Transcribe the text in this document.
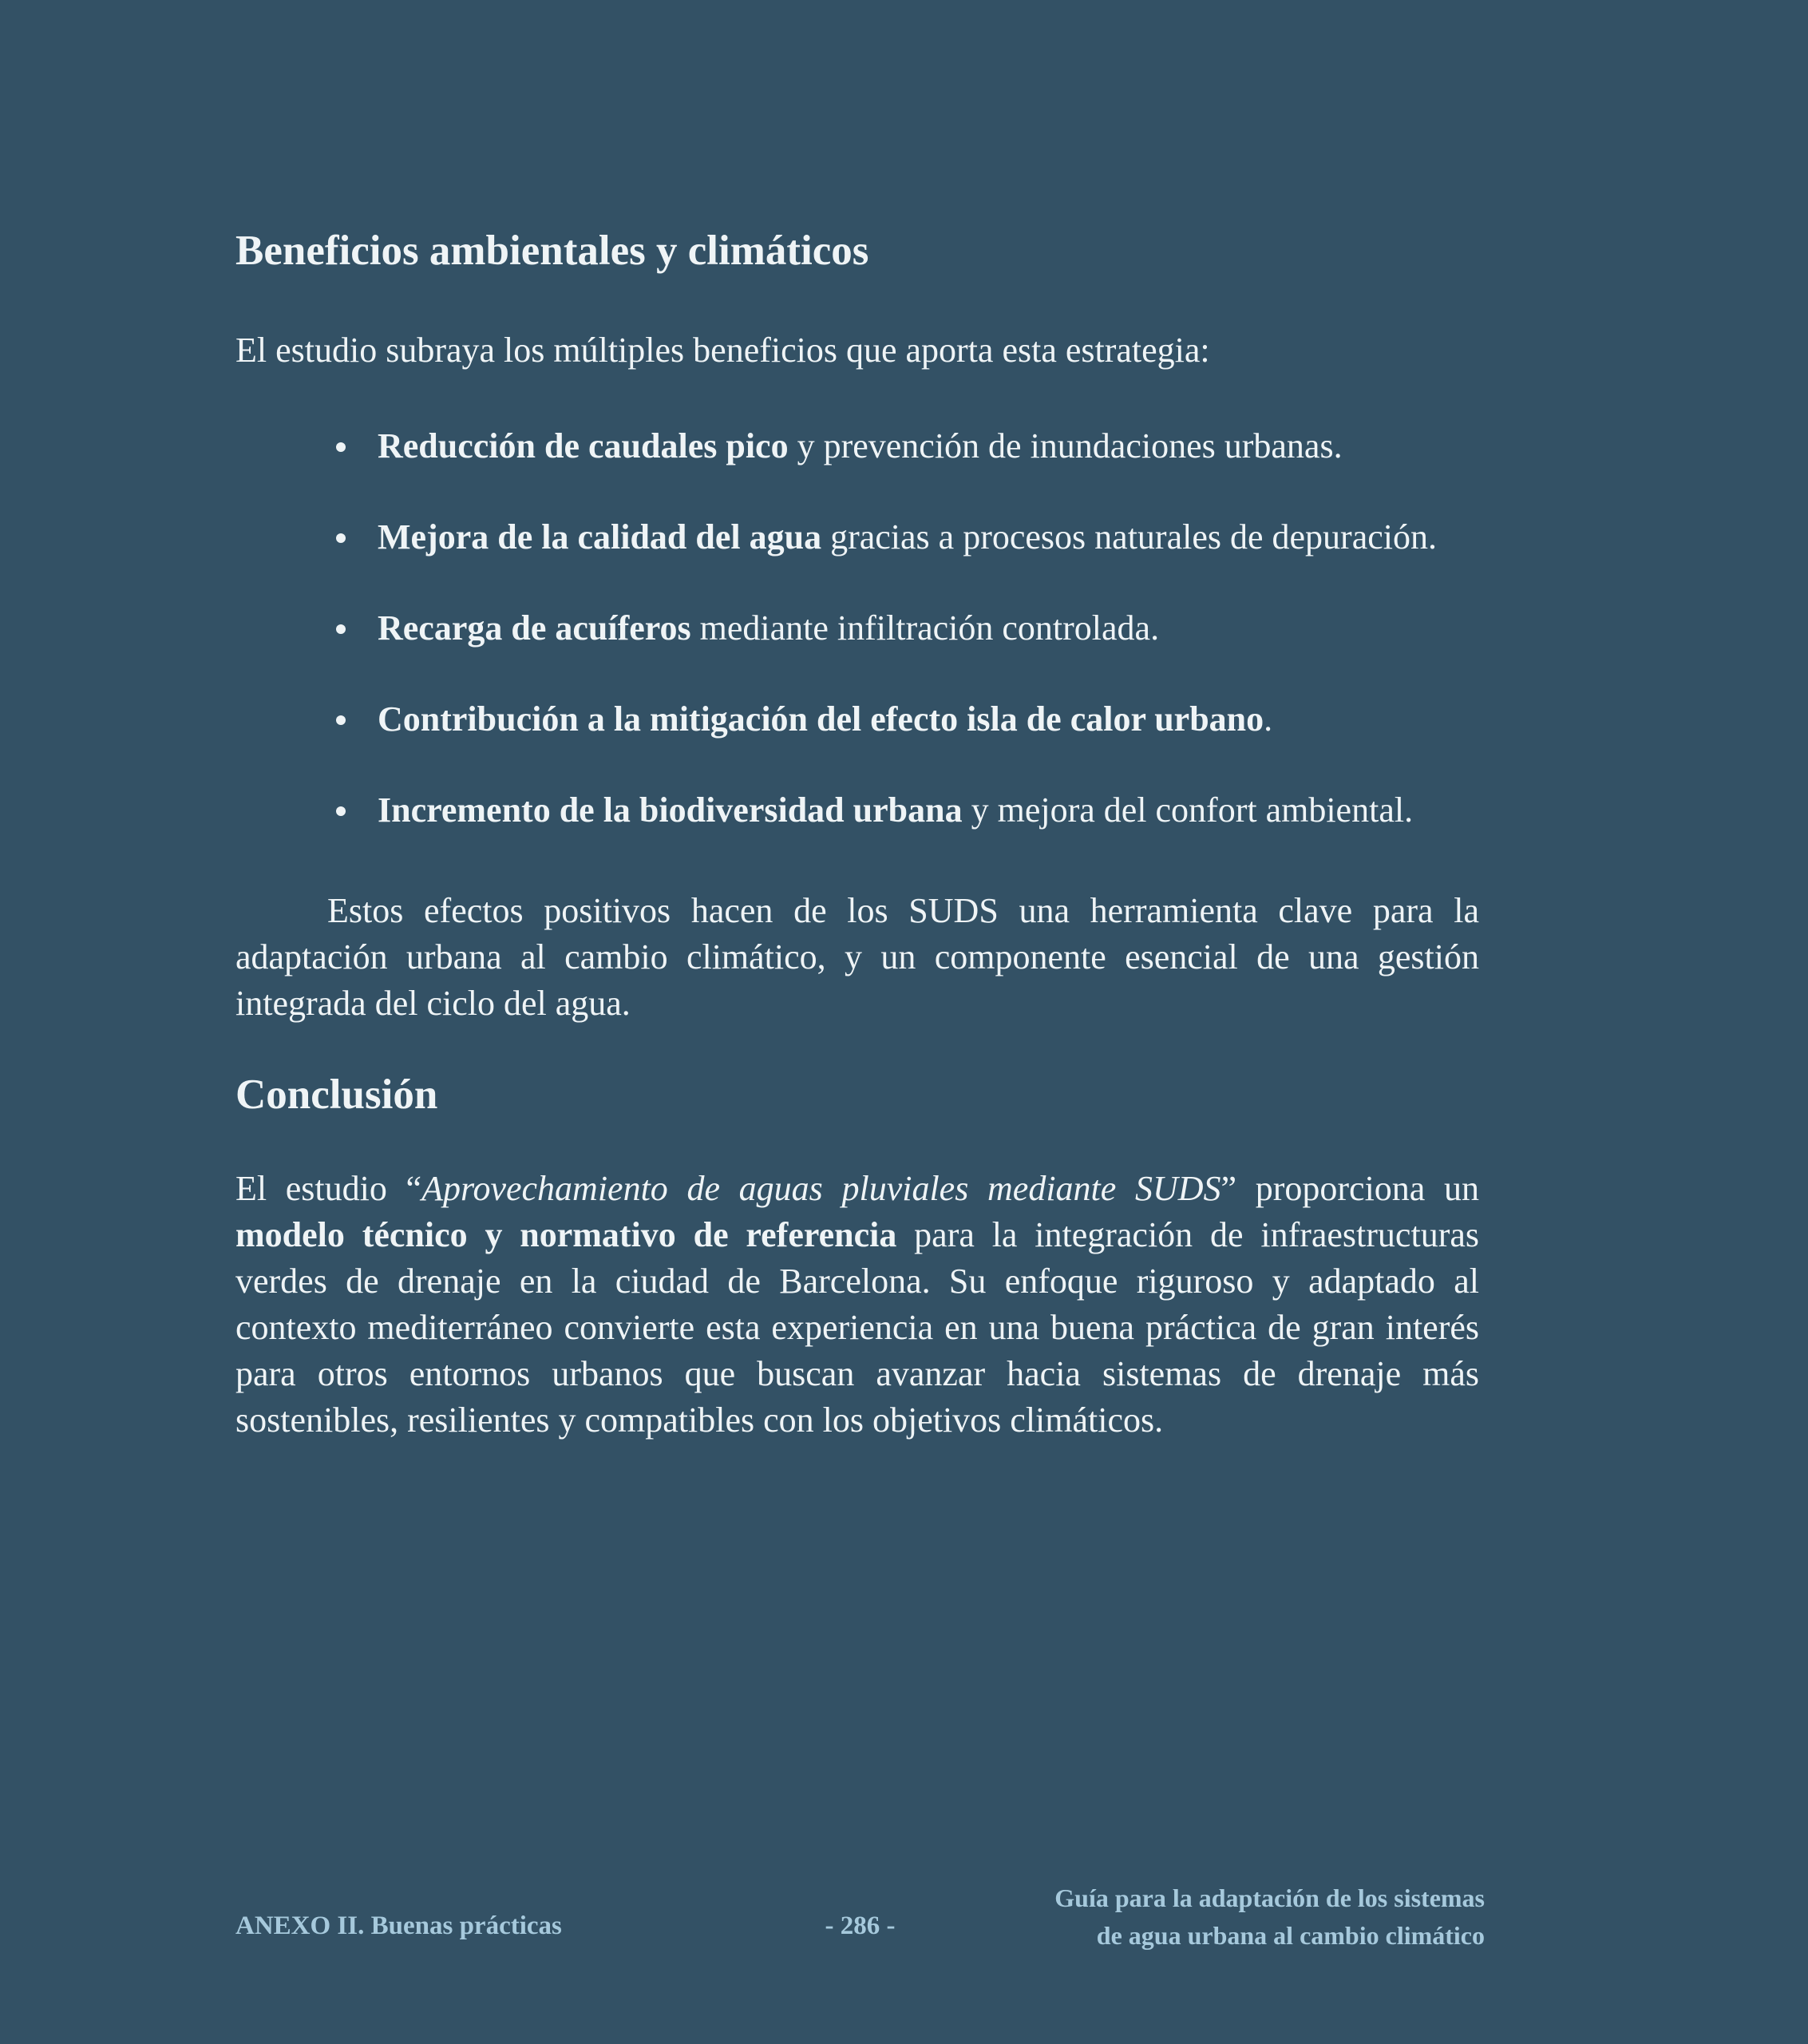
Beneficios ambientales y climáticos

El estudio subraya los múltiples beneficios que aporta esta estrategia:

Reducción de caudales pico y prevención de inundaciones urbanas.
Mejora de la calidad del agua gracias a procesos naturales de depuración.
Recarga de acuíferos mediante infiltración controlada.
Contribución a la mitigación del efecto isla de calor urbano.
Incremento de la biodiversidad urbana y mejora del confort ambiental.

Estos efectos positivos hacen de los SUDS una herramienta clave para la adaptación urbana al cambio climático, y un componente esencial de una gestión integrada del ciclo del agua.

Conclusión

El estudio “Aprovechamiento de aguas pluviales mediante SUDS” proporciona un modelo técnico y normativo de referencia para la integración de infraestructuras verdes de drenaje en la ciudad de Barcelona. Su enfoque riguroso y adaptado al contexto mediterráneo convierte esta experiencia en una buena práctica de gran interés para otros entornos urbanos que buscan avanzar hacia sistemas de drenaje más sostenibles, resilientes y compatibles con los objetivos climáticos.

ANEXO II. Buenas prácticas	- 286 -
Guía para la adaptación de los sistemas
de agua urbana al cambio climático
